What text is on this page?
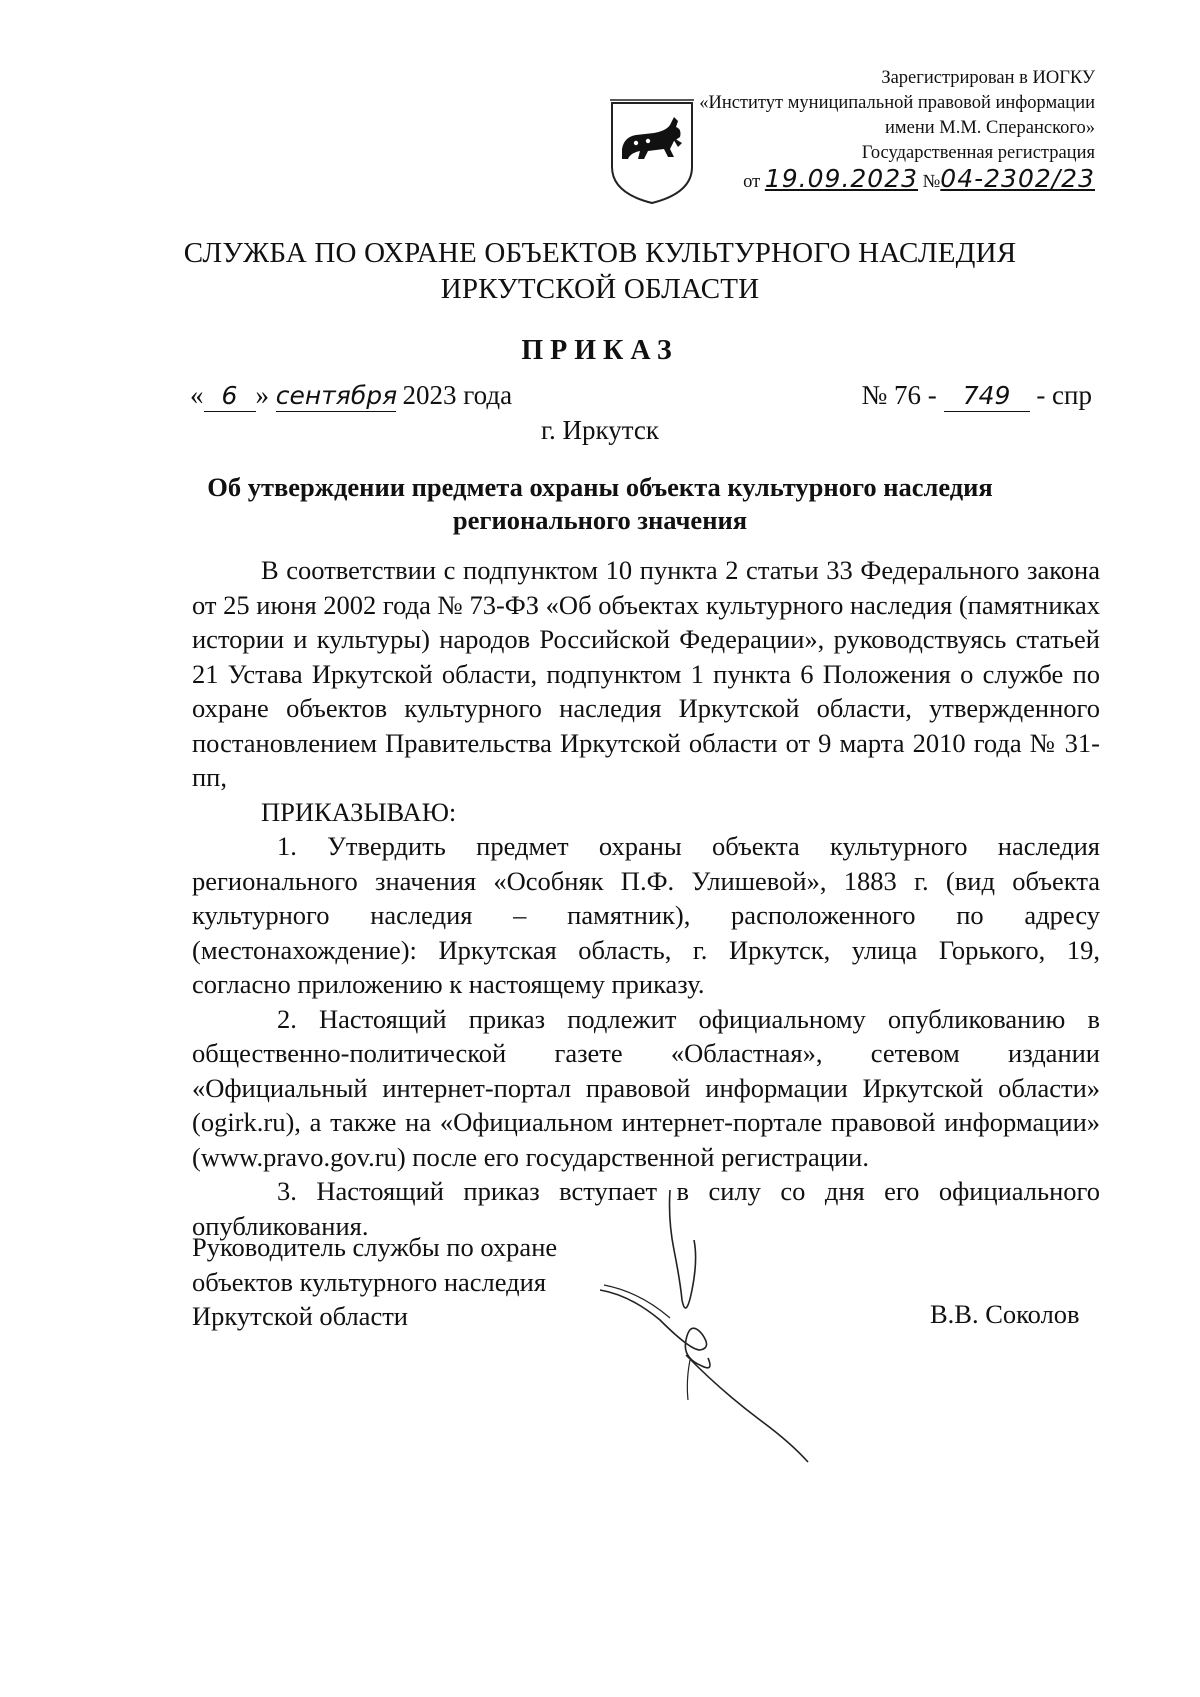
Зарегистрирован в ИОГКУ
«Институт муниципальной правовой информации
имени М.М. Сперанского»
Государственная регистрация
от 19.09.2023 №04-2302/23
СЛУЖБА ПО ОХРАНЕ ОБЪЕКТОВ КУЛЬТУРНОГО НАСЛЕДИЯ
ИРКУТСКОЙ ОБЛАСТИ
ПРИКАЗ
« 6 » сентября 2023 года	№ 76 - 749 - спр
г. Иркутск
Об утверждении предмета охраны объекта культурного наследия
регионального значения

В соответствии с подпунктом 10 пункта 2 статьи 33 Федерального закона от 25 июня 2002 года № 73-ФЗ «Об объектах культурного наследия (памятниках истории и культуры) народов Российской Федерации», руководствуясь статьей 21 Устава Иркутской области, подпунктом 1 пункта 6 Положения о службе по охране объектов культурного наследия Иркутской области, утвержденного постановлением Правительства Иркутской области от 9 марта 2010 года № 31-пп,

ПРИКАЗЫВАЮ:

1. Утвердить предмет охраны объекта культурного наследия регионального значения «Особняк П.Ф. Улишевой», 1883 г. (вид объекта культурного наследия – памятник), расположенного по адресу (местонахождение): Иркутская область, г. Иркутск, улица Горького, 19, согласно приложению к настоящему приказу.

2. Настоящий приказ подлежит официальному опубликованию в общественно-политической газете «Областная», сетевом издании «Официальный интернет-портал правовой информации Иркутской области» (ogirk.ru), а также на «Официальном интернет-портале правовой информации» (www.pravo.gov.ru) после его государственной регистрации.

3. Настоящий приказ вступает в силу со дня его официального опубликования.

Руководитель службы по охране
объектов культурного наследия
Иркутской области	В.В. Соколов
